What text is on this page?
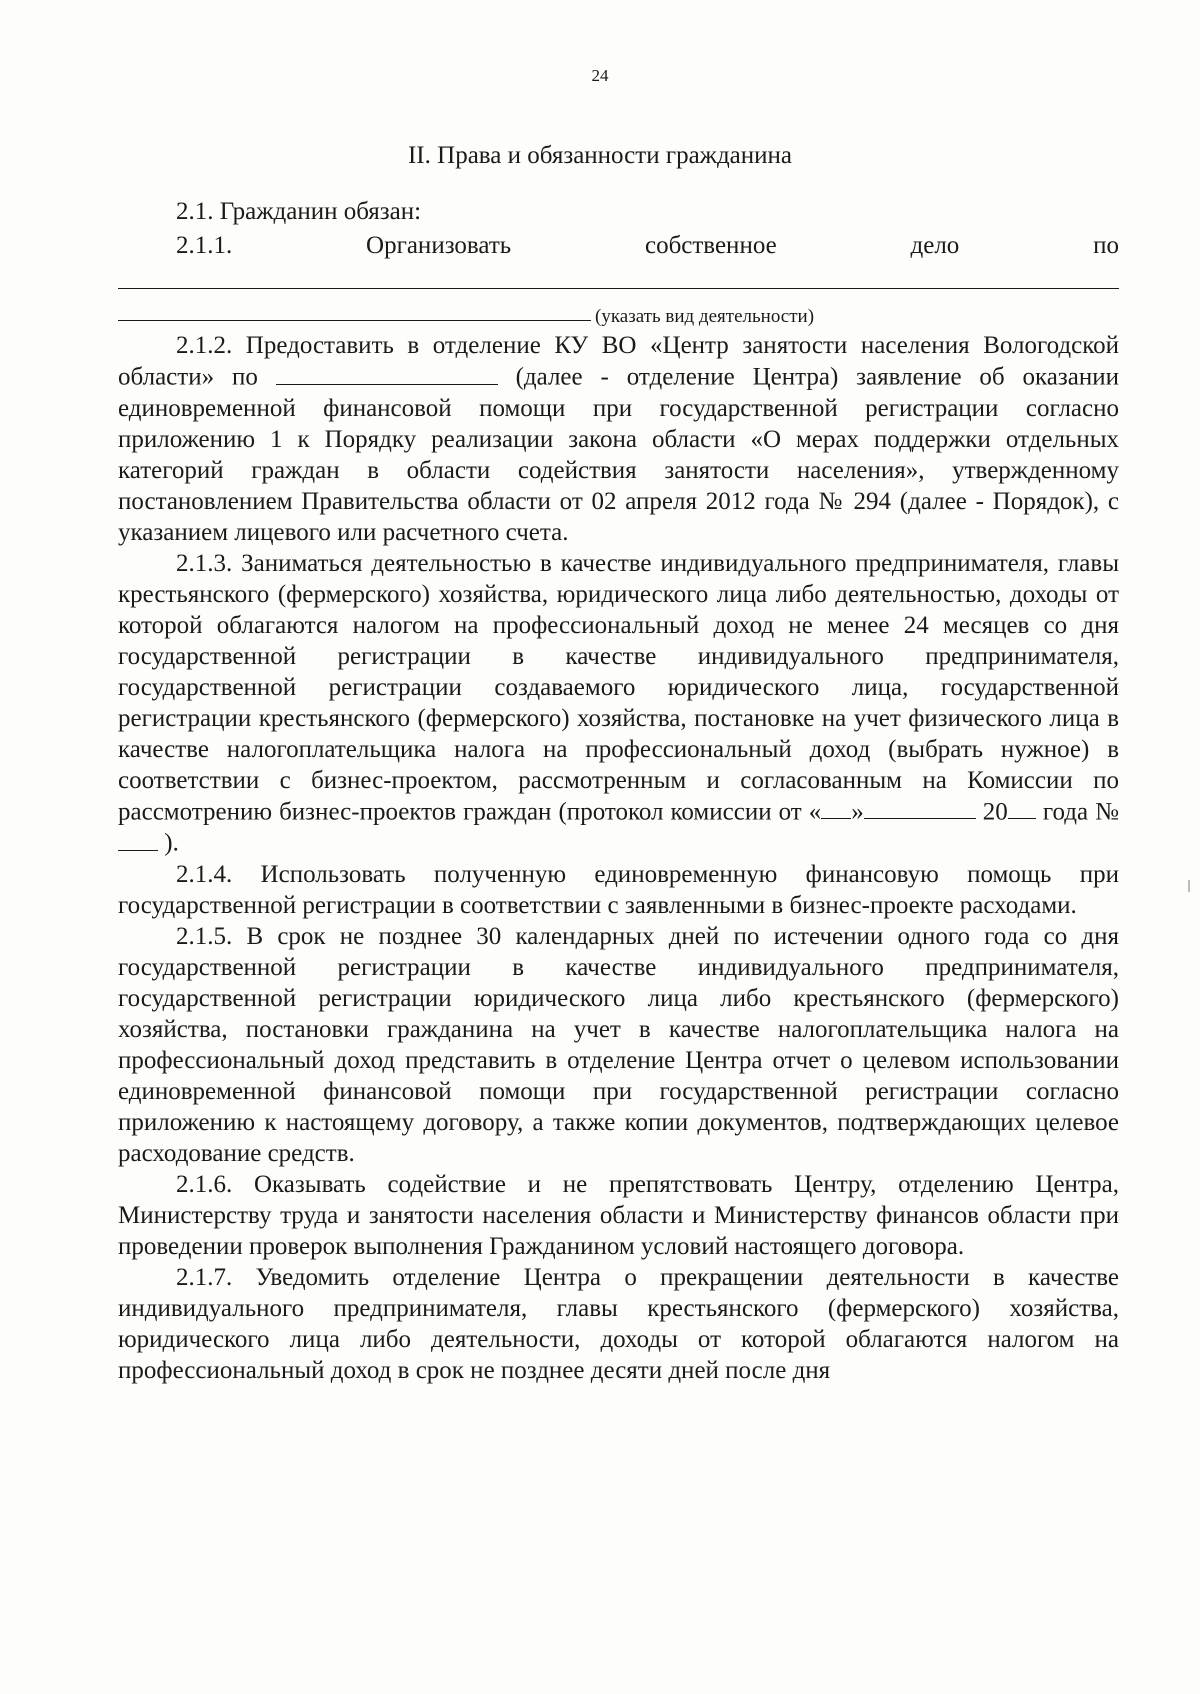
24
II. Права и обязанности гражданина

2.1. Гражданин обязан:

2.1.1.	Организовать	собственное	дело	по
(указать вид деятельности)

2.1.2. Предоставить в отделение КУ ВО «Центр занятости населения Вологодской области» по	(далее - отделение Центра) заявление об оказании единовременной финансовой помощи при государственной регистрации согласно приложению 1 к Порядку реализации закона области «О мерах поддержки отдельных категорий граждан в области содействия занятости населения», утвержденному постановлением Правительства области от 02 апреля 2012 года № 294 (далее - Порядок), с указанием лицевого или расчетного счета.

2.1.3. Заниматься деятельностью в качестве индивидуального предпринимателя, главы крестьянского (фермерского) хозяйства, юридического лица либо деятельностью, доходы от которой облагаются налогом на профессиональный доход не менее 24 месяцев со дня государственной регистрации в качестве индивидуального предпринимателя, государственной регистрации создаваемого юридического лица, государственной регистрации крестьянского (фермерского) хозяйства, постановке на учет физического лица в качестве налогоплательщика налога на профессиональный доход (выбрать нужное) в соответствии с бизнес-проектом, рассмотренным и согласованным на Комиссии по рассмотрению бизнес-проектов граждан (протокол комиссии от « »	20 года №  ).

2.1.4. Использовать полученную единовременную финансовую помощь при государственной регистрации в соответствии с заявленными в бизнес-проекте расходами.

2.1.5. В срок не позднее 30 календарных дней по истечении одного года со дня государственной регистрации в качестве индивидуального предпринимателя, государственной регистрации юридического лица либо крестьянского (фермерского) хозяйства, постановки гражданина на учет в качестве налогоплательщика налога на профессиональный доход представить в отделение Центра отчет о целевом использовании единовременной финансовой помощи при государственной регистрации согласно приложению к настоящему договору, а также копии документов, подтверждающих целевое расходование средств.

2.1.6. Оказывать содействие и не препятствовать Центру, отделению Центра, Министерству труда и занятости населения области и Министерству финансов области при проведении проверок выполнения Гражданином условий настоящего договора.

2.1.7. Уведомить отделение Центра о прекращении деятельности в качестве индивидуального предпринимателя, главы крестьянского (фермерского) хозяйства, юридического лица либо деятельности, доходы от которой облагаются налогом на профессиональный доход в срок не позднее десяти дней после дня
